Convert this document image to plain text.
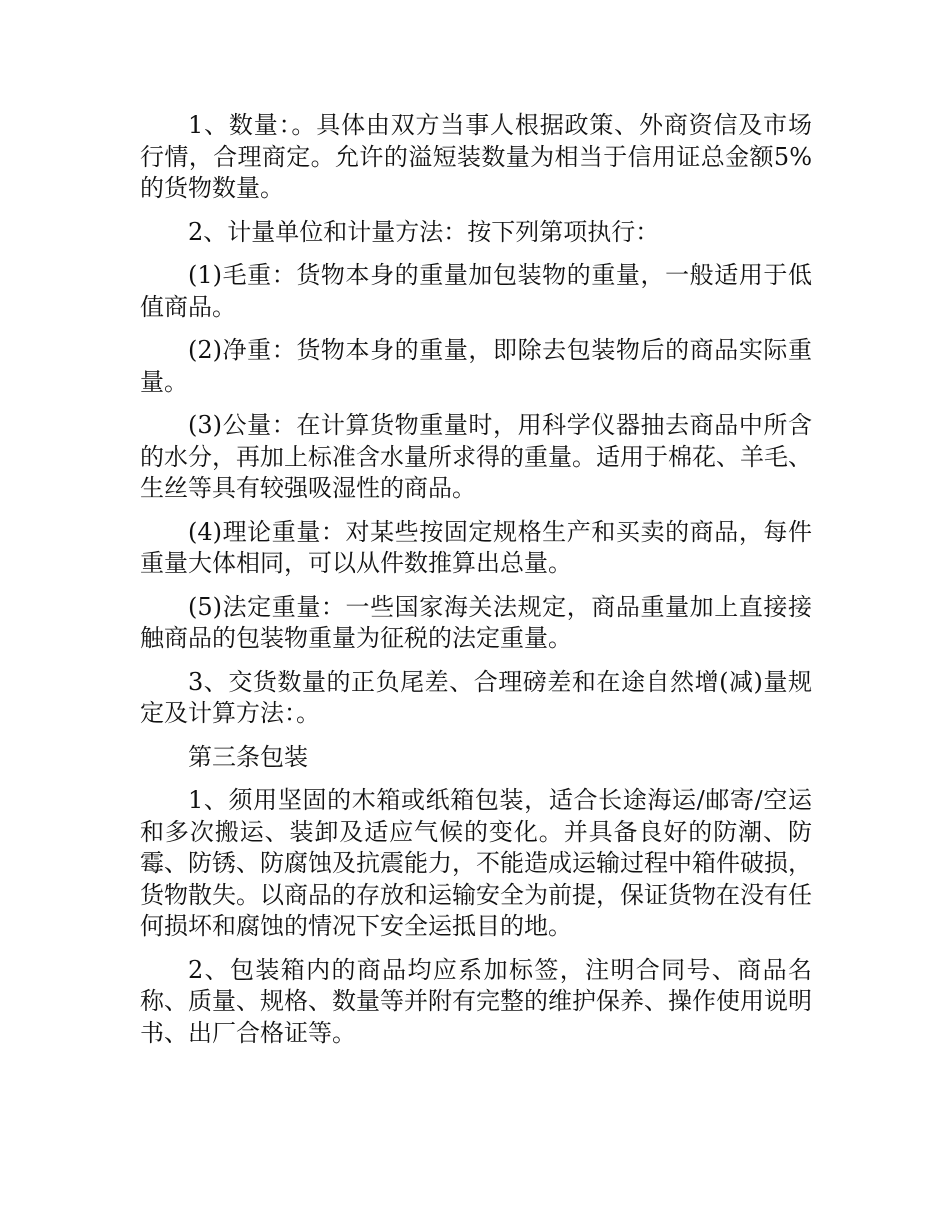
1、数量：。具体由双方当事人根据政策、外商资信及市场行情，合理商定。允许的溢短装数量为相当于信用证总金额5%的货物数量。

2、计量单位和计量方法：按下列第项执行：

(1)毛重：货物本身的重量加包装物的重量，一般适用于低值商品。

(2)净重：货物本身的重量，即除去包装物后的商品实际重量。

(3)公量：在计算货物重量时，用科学仪器抽去商品中所含的水分，再加上标准含水量所求得的重量。适用于棉花、羊毛、生丝等具有较强吸湿性的商品。

(4)理论重量：对某些按固定规格生产和买卖的商品，每件重量大体相同，可以从件数推算出总量。

(5)法定重量：一些国家海关法规定，商品重量加上直接接触商品的包装物重量为征税的法定重量。

3、交货数量的正负尾差、合理磅差和在途自然增(减)量规定及计算方法：。

第三条包装

1、须用坚固的木箱或纸箱包装，适合长途海运/邮寄/空运和多次搬运、装卸及适应气候的变化。并具备良好的防潮、防霉、防锈、防腐蚀及抗震能力，不能造成运输过程中箱件破损，货物散失。以商品的存放和运输安全为前提，保证货物在没有任何损坏和腐蚀的情况下安全运抵目的地。

2、包装箱内的商品均应系加标签，注明合同号、商品名称、质量、规格、数量等并附有完整的维护保养、操作使用说明书、出厂合格证等。
